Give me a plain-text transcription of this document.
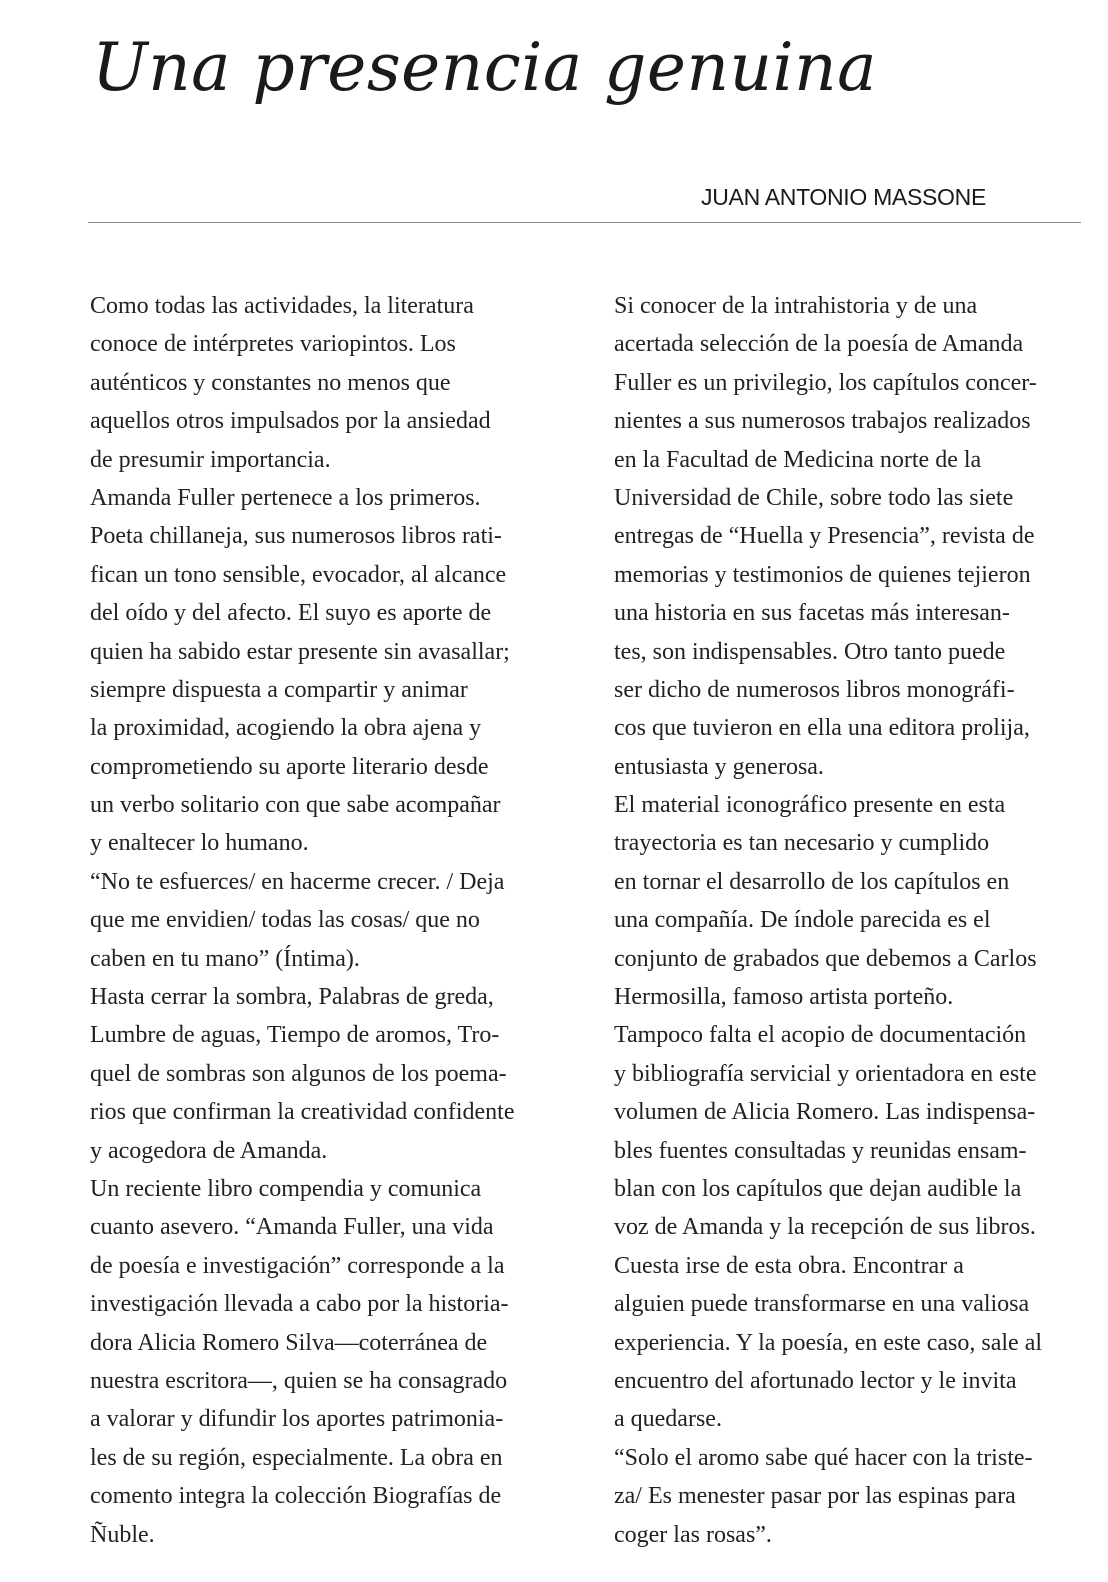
Una presencia genuina
JUAN ANTONIO MASSONE
Como todas las actividades, la literatura
conoce de intérpretes variopintos. Los
auténticos y constantes no menos que
aquellos otros impulsados por la ansiedad
de presumir importancia.
Amanda Fuller pertenece a los primeros.
Poeta chillaneja, sus numerosos libros rati-
fican un tono sensible, evocador, al alcance
del oído y del afecto. El suyo es aporte de
quien ha sabido estar presente sin avasallar;
siempre dispuesta a compartir y animar
la proximidad, acogiendo la obra ajena y
comprometiendo su aporte literario desde
un verbo solitario con que sabe acompañar
y enaltecer lo humano.
“No te esfuerces/ en hacerme crecer. / Deja
que me envidien/ todas las cosas/ que no
caben en tu mano” (Íntima).
Hasta cerrar la sombra, Palabras de greda,
Lumbre de aguas, Tiempo de aromos, Tro-
quel de sombras son algunos de los poema-
rios que confirman la creatividad confidente
y acogedora de Amanda.
Un reciente libro compendia y comunica
cuanto asevero. “Amanda Fuller, una vida
de poesía e investigación” corresponde a la
investigación llevada a cabo por la historia-
dora Alicia Romero Silva—coterránea de
nuestra escritora—, quien se ha consagrado
a valorar y difundir los aportes patrimonia-
les de su región, especialmente. La obra en
comento integra la colección Biografías de
Ñuble.
Si conocer de la intrahistoria y de una
acertada selección de la poesía de Amanda
Fuller es un privilegio, los capítulos concer-
nientes a sus numerosos trabajos realizados
en la Facultad de Medicina norte de la
Universidad de Chile, sobre todo las siete
entregas de “Huella y Presencia”, revista de
memorias y testimonios de quienes tejieron
una historia en sus facetas más interesan-
tes, son indispensables. Otro tanto puede
ser dicho de numerosos libros monográfi-
cos que tuvieron en ella una editora prolija,
entusiasta y generosa.
El material iconográfico presente en esta
trayectoria es tan necesario y cumplido
en tornar el desarrollo de los capítulos en
una compañía. De índole parecida es el
conjunto de grabados que debemos a Carlos
Hermosilla, famoso artista porteño.
Tampoco falta el acopio de documentación
y bibliografía servicial y orientadora en este
volumen de Alicia Romero. Las indispensa-
bles fuentes consultadas y reunidas ensam-
blan con los capítulos que dejan audible la
voz de Amanda y la recepción de sus libros.
Cuesta irse de esta obra. Encontrar a
alguien puede transformarse en una valiosa
experiencia. Y la poesía, en este caso, sale al
encuentro del afortunado lector y le invita
a quedarse.
“Solo el aromo sabe qué hacer con la triste-
za/ Es menester pasar por las espinas para
coger las rosas”.
